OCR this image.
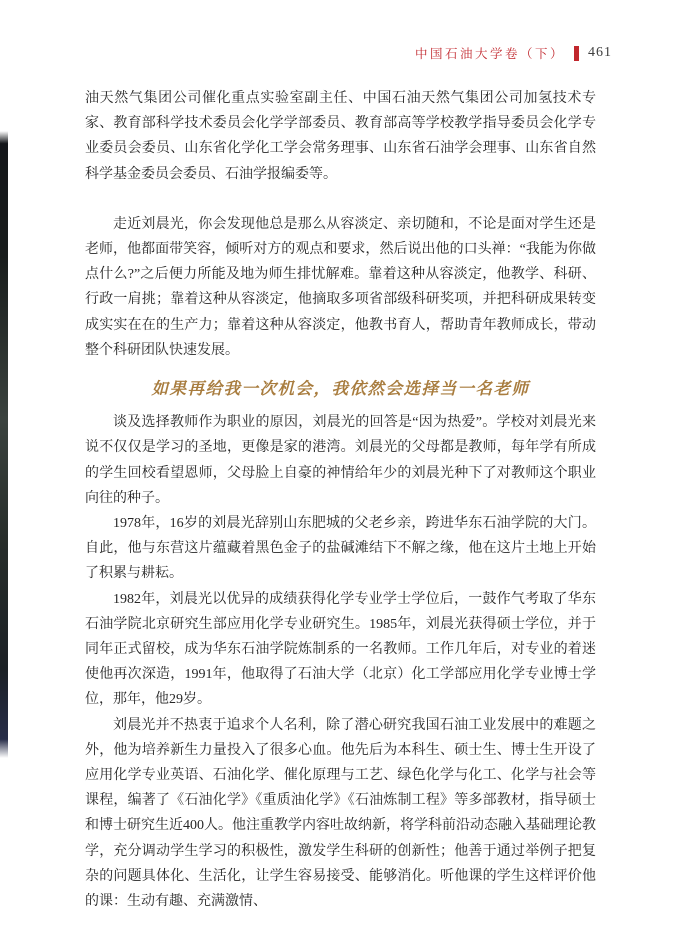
中国石油大学卷（下） 461

油天然气集团公司催化重点实验室副主任、中国石油天然气集团公司加氢技术专家、教育部科学技术委员会化学学部委员、教育部高等学校教学指导委员会化学专业委员会委员、山东省化学化工学会常务理事、山东省石油学会理事、山东省自然科学基金委员会委员、石油学报编委等。

走近刘晨光，你会发现他总是那么从容淡定、亲切随和，不论是面对学生还是老师，他都面带笑容，倾听对方的观点和要求，然后说出他的口头禅：“我能为你做点什么?”之后便力所能及地为师生排忧解难。靠着这种从容淡定，他教学、科研、行政一肩挑；靠着这种从容淡定，他摘取多项省部级科研奖项，并把科研成果转变成实实在在的生产力；靠着这种从容淡定，他教书育人，帮助青年教师成长，带动整个科研团队快速发展。

如果再给我一次机会，我依然会选择当一名老师

谈及选择教师作为职业的原因，刘晨光的回答是“因为热爱”。学校对刘晨光来说不仅仅是学习的圣地，更像是家的港湾。刘晨光的父母都是教师，每年学有所成的学生回校看望恩师，父母脸上自豪的神情给年少的刘晨光种下了对教师这个职业向往的种子。

1978年，16岁的刘晨光辞别山东肥城的父老乡亲，跨进华东石油学院的大门。自此，他与东营这片蕴藏着黑色金子的盐碱滩结下不解之缘，他在这片土地上开始了积累与耕耘。

1982年，刘晨光以优异的成绩获得化学专业学士学位后，一鼓作气考取了华东石油学院北京研究生部应用化学专业研究生。1985年，刘晨光获得硕士学位，并于同年正式留校，成为华东石油学院炼制系的一名教师。工作几年后，对专业的着迷使他再次深造，1991年，他取得了石油大学（北京）化工学部应用化学专业博士学位，那年，他29岁。

刘晨光并不热衷于追求个人名利，除了潜心研究我国石油工业发展中的难题之外，他为培养新生力量投入了很多心血。他先后为本科生、硕士生、博士生开设了应用化学专业英语、石油化学、催化原理与工艺、绿色化学与化工、化学与社会等课程，编著了《石油化学》《重质油化学》《石油炼制工程》等多部教材，指导硕士和博士研究生近400人。他注重教学内容吐故纳新，将学科前沿动态融入基础理论教学，充分调动学生学习的积极性，激发学生科研的创新性；他善于通过举例子把复杂的问题具体化、生活化，让学生容易接受、能够消化。听他课的学生这样评价他的课：生动有趣、充满激情、
